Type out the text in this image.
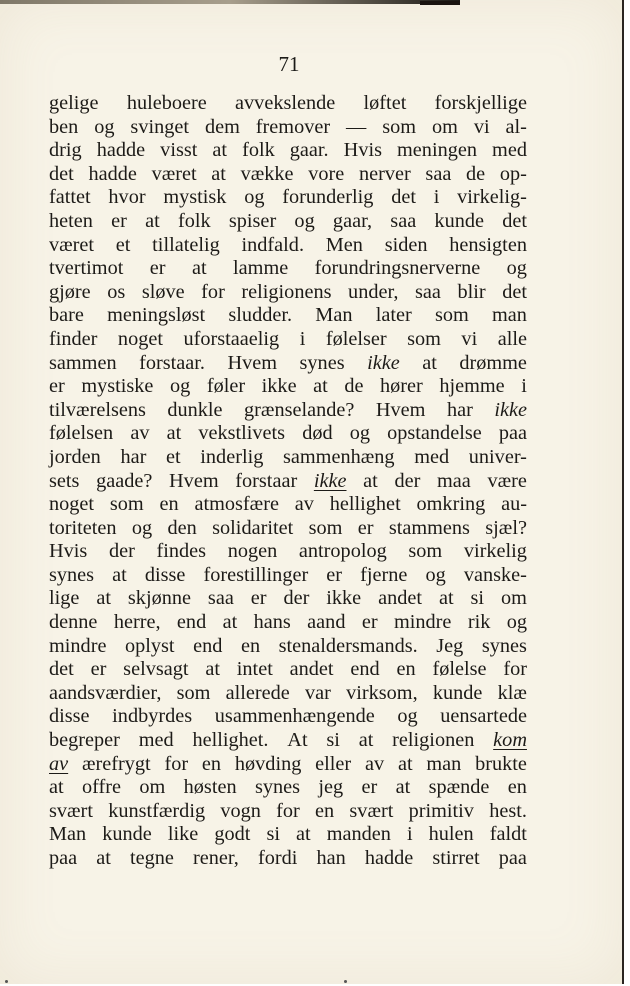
71
gelige huleboere avvekslende løftet forskjellige
ben og svinget dem fremover — som om vi al-
drig hadde visst at folk gaar. Hvis meningen med
det hadde været at vække vore nerver saa de op-
fattet hvor mystisk og forunderlig det i virkelig-
heten er at folk spiser og gaar, saa kunde det
været et tillatelig indfald. Men siden hensigten
tvertimot er at lamme forundringsnerverne og
gjøre os sløve for religionens under, saa blir det
bare meningsløst sludder. Man later som man
finder noget uforstaaelig i følelser som vi alle
sammen forstaar. Hvem synes ikke at drømme
er mystiske og føler ikke at de hører hjemme i
tilværelsens dunkle grænselande? Hvem har ikke
følelsen av at vekstlivets død og opstandelse paa
jorden har et inderlig sammenhæng med univer-
sets gaade? Hvem forstaar ikke at der maa være
noget som en atmosfære av hellighet omkring au-
toriteten og den solidaritet som er stammens sjæl?
Hvis der findes nogen antropolog som virkelig
synes at disse forestillinger er fjerne og vanske-
lige at skjønne saa er der ikke andet at si om
denne herre, end at hans aand er mindre rik og
mindre oplyst end en stenaldersmands. Jeg synes
det er selvsagt at intet andet end en følelse for
aandsværdier, som allerede var virksom, kunde klæ
disse indbyrdes usammenhængende og uensartede
begreper med hellighet. At si at religionen kom
av ærefrygt for en høvding eller av at man brukte
at offre om høsten synes jeg er at spænde en
svært kunstfærdig vogn for en svært primitiv hest.
Man kunde like godt si at manden i hulen faldt
paa at tegne rener, fordi han hadde stirret paa
